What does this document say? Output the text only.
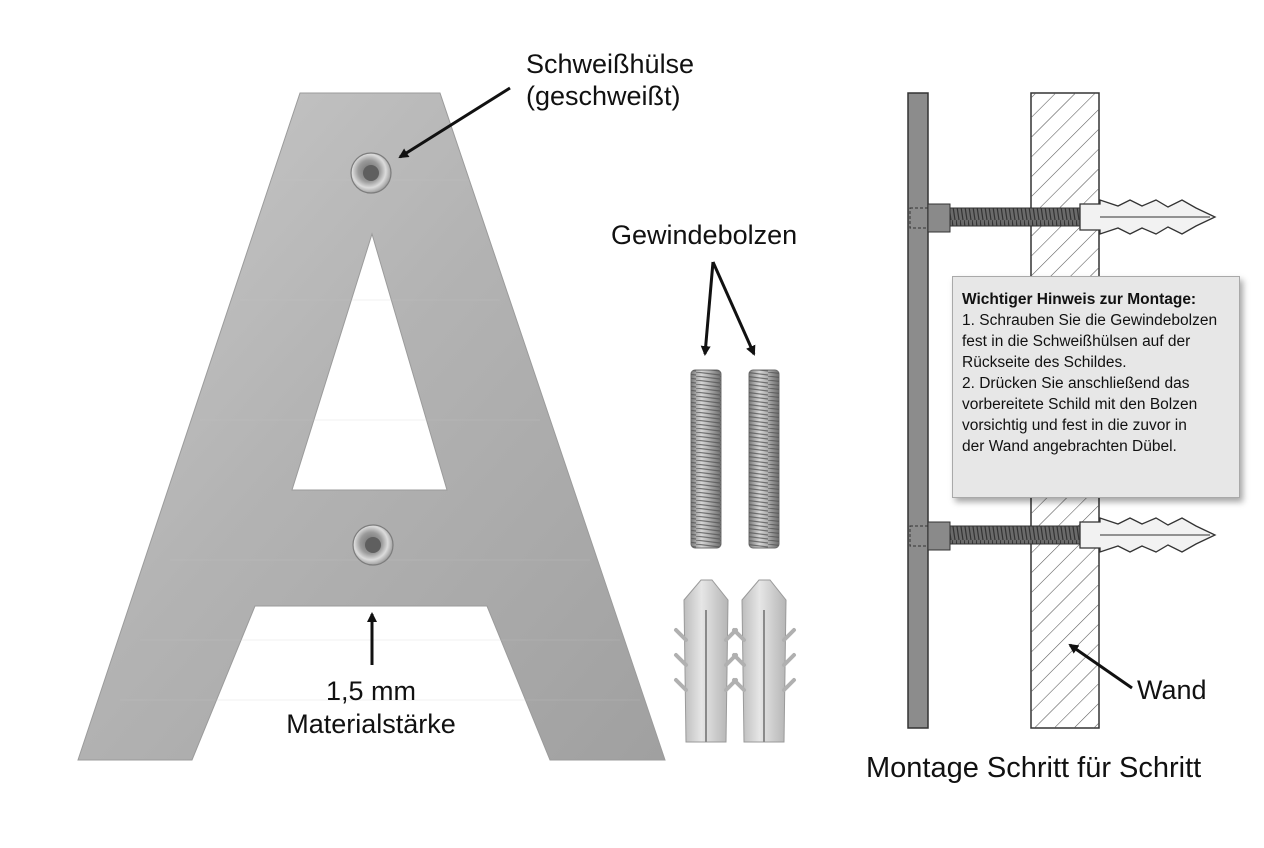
Schweißhülse
(geschweißt)
Gewindebolzen
1,5 mm
Materialstärke
Wand
Montage Schritt für Schritt
Wichtiger Hinweis zur Montage:
1. Schrauben Sie die Gewindebolzen
fest in die Schweißhülsen auf der
Rückseite des Schildes.
2. Drücken Sie anschließend das
vorbereitete Schild mit den Bolzen
vorsichtig und fest in die zuvor in
der Wand angebrachten Dübel.
